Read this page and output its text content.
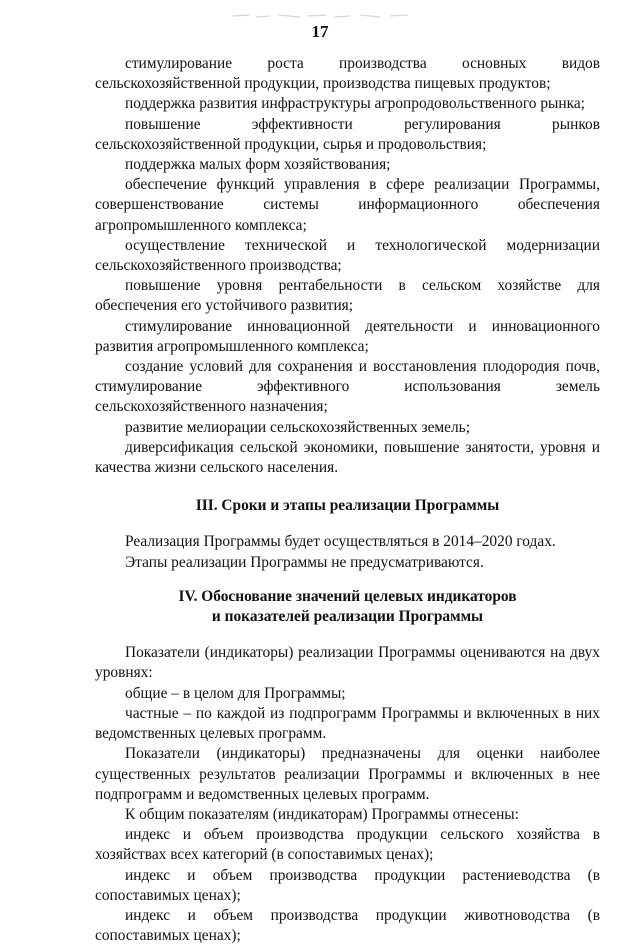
17

стимулирование роста производства основных видов сельскохозяйственной продукции, производства пищевых продуктов;

поддержка развития инфраструктуры агропродовольственного рынка;

повышение эффективности регулирования рынков сельскохозяйственной продукции, сырья и продовольствия;

поддержка малых форм хозяйствования;

обеспечение функций управления в сфере реализации Программы, совершенствование системы информационного обеспечения агропромышленного комплекса;

осуществление технической и технологической модернизации сельскохозяйственного производства;

повышение уровня рентабельности в сельском хозяйстве для обеспечения его устойчивого развития;

стимулирование инновационной деятельности и инновационного развития агропромышленного комплекса;

создание условий для сохранения и восстановления плодородия почв, стимулирование эффективного использования земель сельскохозяйственного назначения;

развитие мелиорации сельскохозяйственных земель;

диверсификация сельской экономики, повышение занятости, уровня и качества жизни сельского населения.

III. Сроки и этапы реализации Программы

Реализация Программы будет осуществляться в 2014–2020 годах.

Этапы реализации Программы не предусматриваются.

IV. Обоснование значений целевых индикаторов

и показателей реализации Программы

Показатели (индикаторы) реализации Программы оцениваются на двух уровнях:

общие – в целом для Программы;

частные – по каждой из подпрограмм Программы и включенных в них ведомственных целевых программ.

Показатели (индикаторы) предназначены для оценки наиболее существенных результатов реализации Программы и включенных в нее подпрограмм и ведомственных целевых программ.

К общим показателям (индикаторам) Программы отнесены:

индекс и объем производства продукции сельского хозяйства в хозяйствах всех категорий (в сопоставимых ценах);

индекс и объем производства продукции растениеводства (в сопоставимых ценах);

индекс и объем производства продукции животноводства (в сопоставимых ценах);
